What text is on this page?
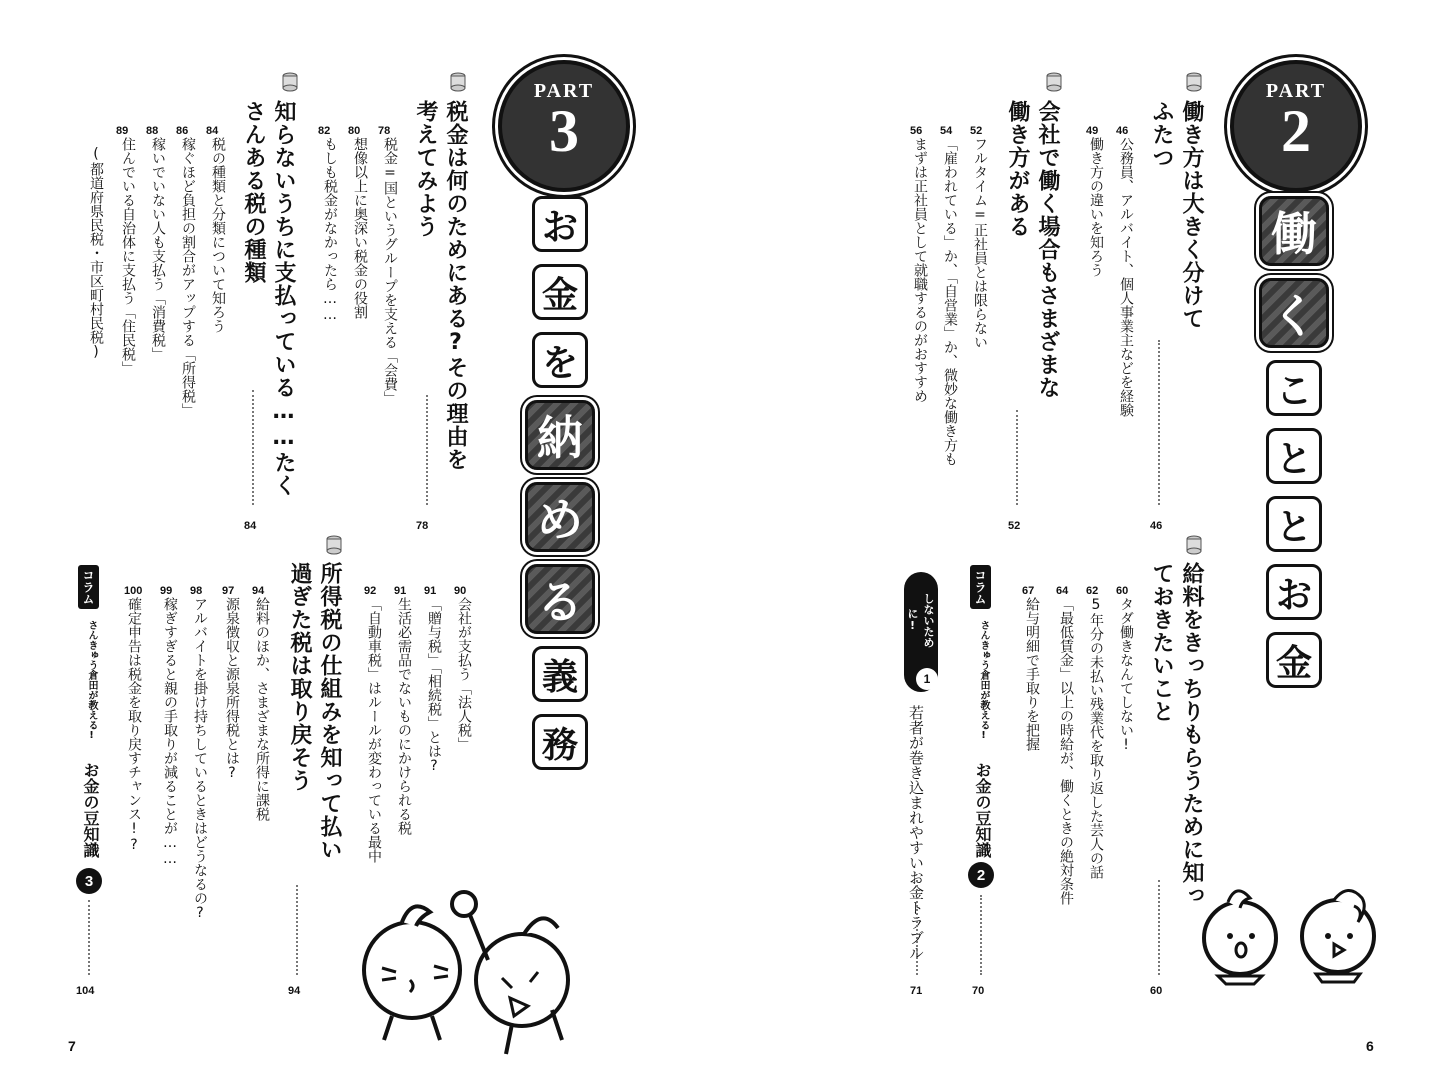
PART
3
お
金
を
納
め
る
義
務
税金は何のためにある?その理由を考えてみよう
78
78
税金=国というグループを支える「会費」
80
想像以上に奥深い税金の役割
82
もしも税金がなかったら……
知らないうちに支払っている……たくさんある税の種類
84
84
税の種類と分類について知ろう
86
稼ぐほど負担の割合がアップする「所得税」
88
稼いでいない人も支払う「消費税」
89
住んでいる自治体に支払う「住民税」
(都道府県民税・市区町村民税)
所得税の仕組みを知って払い過ぎた税は取り戻そう
94
90
会社が支払う「法人税」
91
「贈与税」「相続税」とは?
91
生活必需品でないものにかけられる税
92
「自動車税」はルールが変わっている最中
94
給料のほか、さまざまな所得に課税
97
源泉徴収と源泉所得税とは?
98
アルバイトを掛け持ちしているときはどうなるの?
99
稼ぎすぎると親の手取りが減ることが……
100
確定申告は税金を取り戻すチャンス!?
コラム
さんきゅう倉田が教える!
お金の豆知識
3
104
7
PART
2
働
く
こ
と
と
お
金
働き方は大きく分けてふたつ
46
46
公務員、アルバイト、個人事業主などを経験
49
働き方の違いを知ろう
会社で働く場合もさまざまな働き方がある
52
52
フルタイム=正社員とは限らない
54
「雇われている」か、「自営業」か、微妙な働き方も
56
まずは正社員として就職するのがおすすめ
給料をきっちりもらうために知っておきたいこと
60
60
タダ働きなんてしない!
62
5年分の未払い残業代を取り返した芸人の話
64
「最低賃金」以上の時給が、働くときの絶対条件
67
給与明細で手取りを把握
コラム
さんきゅう倉田が教える!
お金の豆知識
2
70
だまされて損しないために!
1
若者が巻き込まれやすいお金トラブル
71
6
